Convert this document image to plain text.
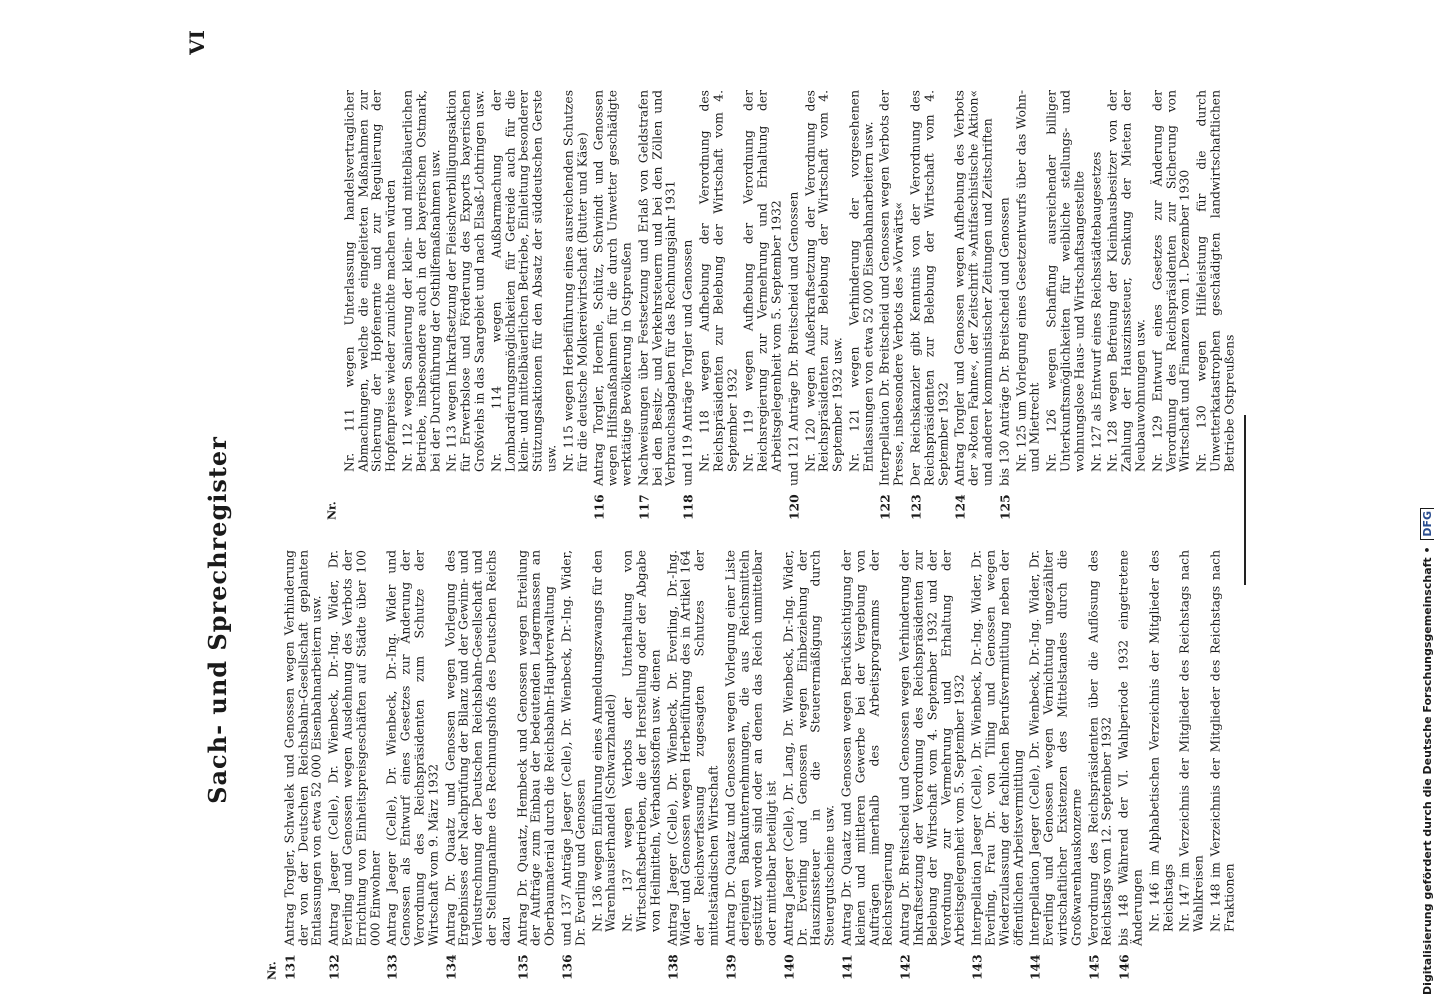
VI
Nr.
Nr. 111 wegen Unterlassung handelsvertraglicher Abmachungen, welche die eingeleiteten Maßnahmen zur Sicherung der Hopfenernte und zur Regulierung der Hopfenpreise wieder zunichte machen würden Nr. 112 wegen Sanierung der klein- und mittelbäuerlichen Betriebe, insbesondere auch in der bayerischen Ostmark, bei der Durchführung der Osthilfemaßnahmen usw. Nr. 113 wegen Inkraftsetzung der Fleischverbilligungsaktion für Erwerbslose und Förderung des Exports bayerischen Großviehs in das Saargebiet und nach Elsaß-Lothringen usw. Nr. 114 wegen Außbarmachung der Lombardierungsmöglichkeiten für Getreide auch für die klein- und mittelbäuerlichen Betriebe, Einleitung besonderer Stützungsaktionen für den Absatz der süddeutschen Gerste usw. Nr. 115 wegen Herbeiführung eines ausreichenden Schutzes für die deutsche Molkereiwirtschaft (Butter und Käse)
116
Antrag Torgler, Hoernle, Schütz, Schwindt und Genossen wegen Hilfsmaßnahmen für die durch Unwetter geschädigte werktätige Bevölkerung in Ostpreußen
117
Nachweisungen über Festsetzung und Erlaß von Geldstrafen bei den Besitz- und Verkehrsteuern und bei den Zöllen und Verbrauchsabgaben für das Rechnungsjahr 1931
118
und 119 Anträge Torgler und Genossen Nr. 118 wegen Aufhebung der Verordnung des Reichspräsidenten zur Belebung der Wirtschaft vom 4. September 1932 Nr. 119 wegen Aufhebung der Verordnung der Reichsregierung zur Vermehrung und Erhaltung der Arbeitsgelegenheit vom 5. September 1932
120
und 121 Anträge Dr. Breitscheid und Genossen Nr. 120 wegen Außerkraftsetzung der Verordnung des Reichspräsidenten zur Belebung der Wirtschaft vom 4. September 1932 usw. Nr. 121 wegen Verhinderung der vorgesehenen Entlassungen von etwa 52 000 Eisenbahnarbeitern usw.
122
Interpellation Dr. Breitscheid und Genossen wegen Verbots der Presse, insbesondere Verbots des »Vorwärts«
123
Der Reichskanzler gibt Kenntnis von der Verordnung des Reichspräsidenten zur Belebung der Wirtschaft vom 4. September 1932
124
Antrag Torgler und Genossen wegen Aufhebung des Verbots der »Roten Fahne«, der Zeitschrift »Antifaschistische Aktion« und anderer kommunistischer Zeitungen und Zeitschriften
125
bis 130 Anträge Dr. Breitscheid und Genossen Nr. 125 um Vorlegung eines Gesetzentwurfs über das Wohn- und Mietrecht Nr. 126 wegen Schaffung ausreichender billiger Unterkunftsmöglichkeiten für weibliche stellungs- und wohnungslose Haus- und Wirtschaftsangestellte Nr. 127 als Entwurf eines Reichsstädtebaugesetzes Nr. 128 wegen Befreiung der Kleinhausbesitzer von der Zahlung der Hauszinssteuer, Senkung der Mieten der Neubauwohnungen usw. Nr. 129 Entwurf eines Gesetzes zur Änderung der Verordnung des Reichspräsidenten zur Sicherung von Wirtschaft und Finanzen vom 1. Dezember 1930 Nr. 130 wegen Hilfeleistung für die durch Unwetterkatastrophen geschädigten landwirtschaftlichen Betriebe Ostpreußens
Nr. 131
Antrag Torgler, Schwalek und Genossen wegen Verhinderung der von der Deutschen Reichsbahn-Gesellschaft geplanten Entlassungen von etwa 52 000 Eisenbahnarbeitern usw.
132
Antrag Jaeger (Celle), Dr. Wienbeck, Dr.-Ing. Wider, Dr. Everling und Genossen wegen Ausdehnung des Verbots der Errichtung von Einheitspreisgeschäften auf Städte über 100 000 Einwohner
133
Antrag Jaeger (Celle), Dr. Wienbeck, Dr.-Ing. Wider und Genossen als Entwurf eines Gesetzes zur Änderung der Verordnung des Reichspräsidenten zum Schutze der Wirtschaft vom 9. März 1932
134
Antrag Dr. Quaatz und Genossen wegen Vorlegung des Ergebnisses der Nachprüfung der Bilanz und der Gewinn- und Verlustrechnung der Deutschen Reichsbahn-Gesellschaft und der Stellungnahme des Rechnungshofs des Deutschen Reichs dazu
135
Antrag Dr. Quaatz, Hembeck und Genossen wegen Erteilung der Aufträge zum Einbau der bedeutenden Lagermassen an Oberbaumaterial durch die Reichsbahn-Hauptverwaltung
136
und 137 Anträge Jaeger (Celle), Dr. Wienbeck, Dr.-Ing. Wider, Dr. Everling und Genossen Nr. 136 wegen Einführung eines Anmeldungszwangs für den Warenhausierhandel (Schwarzhandel) Nr. 137 wegen Verbots der Unterhaltung von Wirtschaftsbetrieben, die der Herstellung oder der Abgabe von Heilmitteln, Verbandsstoffen usw. dienen
138
Antrag Jaeger (Celle), Dr. Wienbeck, Dr. Everling, Dr.-Ing. Wider und Genossen wegen Herbeiführung des in Artikel 164 der Reichsverfassung zugesagten Schutzes der mittelständischen Wirtschaft
139
Antrag Dr. Quaatz und Genossen wegen Vorlegung einer Liste derjenigen Bankunternehmungen, die aus Reichsmitteln gestützt worden sind oder an denen das Reich unmittelbar oder mittelbar beteiligt ist
140
Antrag Jaeger (Celle), Dr. Lang, Dr. Wienbeck, Dr.-Ing. Wider, Dr. Everling und Genossen wegen Einbeziehung der Hauszinssteuer in die Steuerermäßigung durch Steuergutscheine usw.
141
Antrag Dr. Quaatz und Genossen wegen Berücksichtigung der kleinen und mittleren Gewerbe bei der Vergebung von Aufträgen innerhalb des Arbeitsprogramms der Reichsregierung
142
Antrag Dr. Breitscheid und Genossen wegen Verhinderung der Inkraftsetzung der Verordnung des Reichspräsidenten zur Belebung der Wirtschaft vom 4. September 1932 und der Verordnung zur Vermehrung und Erhaltung der Arbeitsgelegenheit vom 5. September 1932
143
Interpellation Jaeger (Celle), Dr. Wienbeck, Dr.-Ing. Wider, Dr. Everling, Frau Dr. von Tiling und Genossen wegen Wiederzulassung der fachlichen Berufsvermittlung neben der öffentlichen Arbeitsvermittlung
144
Interpellation Jaeger (Celle), Dr. Wienbeck, Dr.-Ing. Wider, Dr. Everling und Genossen wegen Vernichtung ungezählter wirtschaftlicher Existenzen des Mittelstandes durch die Großwarenhauskonzerne
145
Verordnung des Reichspräsidenten über die Auflösung des Reichstags vom 12. September 1932
146
bis 148 Während der VI. Wahlperiode 1932 eingetretene Änderungen Nr. 146 im Alphabetischen Verzeichnis der Mitglieder des Reichstags Nr. 147 im Verzeichnis der Mitglieder des Reichstags nach Wahlkreisen Nr. 148 im Verzeichnis der Mitglieder des Reichstags nach Fraktionen
Sach- und Sprechregister	Digitalisierung gefördert durch die Deutsche Forschungsgemeinschaft • DFG
